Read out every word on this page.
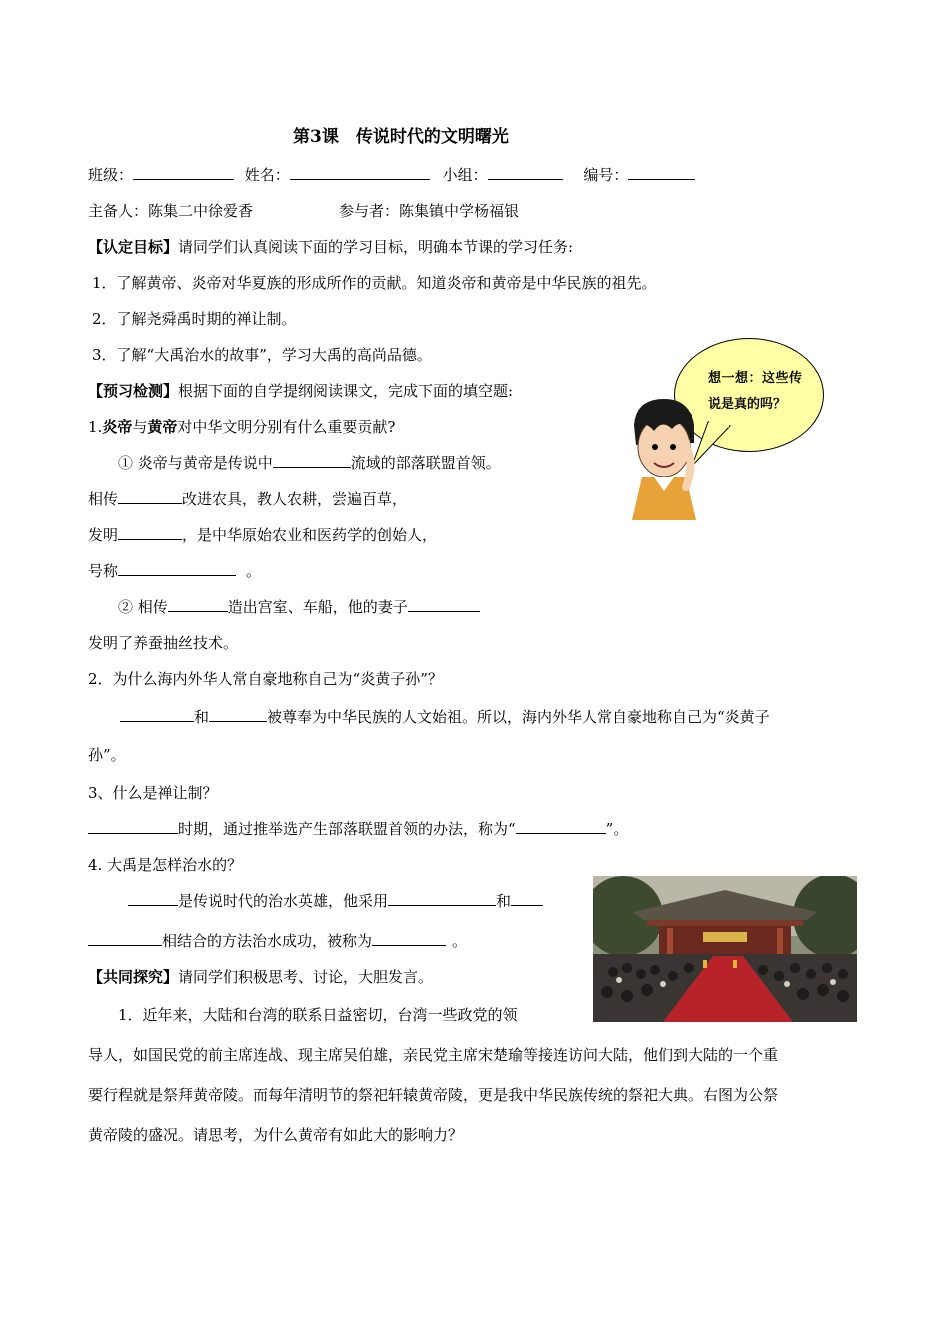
第3课　传说时代的文明曙光
班级：	姓名：	小组：	编号：
主备人：陈集二中徐爱香	参与者：陈集镇中学杨福银
【认定目标】请同学们认真阅读下面的学习目标，明确本节课的学习任务:
1．了解黄帝、炎帝对华夏族的形成所作的贡献。知道炎帝和黄帝是中华民族的祖先。
2．了解尧舜禹时期的禅让制。
3．了解“大禹治水的故事”，学习大禹的高尚品德。
【预习检测】根据下面的自学提纲阅读课文，完成下面的填空题:
1.炎帝与黄帝对中华文明分别有什么重要贡献?
① 炎帝与黄帝是传说中	流域的部落联盟首领。
相传	改进农具，教人农耕，尝遍百草，
发明	，是中华原始农业和医药学的创始人，
号称	。
② 相传	造出宫室、车船，他的妻子
发明了养蚕抽丝技术。
2．为什么海内外华人常自豪地称自己为“炎黄子孙”？
和	被尊奉为中华民族的人文始祖。所以，海内外华人常自豪地称自己为“炎黄子
孙”。
3、什么是禅让制？
时期，通过推举选产生部落联盟首领的办法，称为“	”。
4. 大禹是怎样治水的？
是传说时代的治水英雄，他采用	和
相结合的方法治水成功，被称为	。
【共同探究】请同学们积极思考、讨论，大胆发言。
1．近年来，大陆和台湾的联系日益密切，台湾一些政党的领
导人，如国民党的前主席连战、现主席吴伯雄，亲民党主席宋楚瑜等接连访问大陆，他们到大陆的一个重
要行程就是祭拜黄帝陵。而每年清明节的祭祀轩辕黄帝陵，更是我中华民族传统的祭祀大典。右图为公祭
黄帝陵的盛况。请思考，为什么黄帝有如此大的影响力？
想一想：这些传说是真的吗？
